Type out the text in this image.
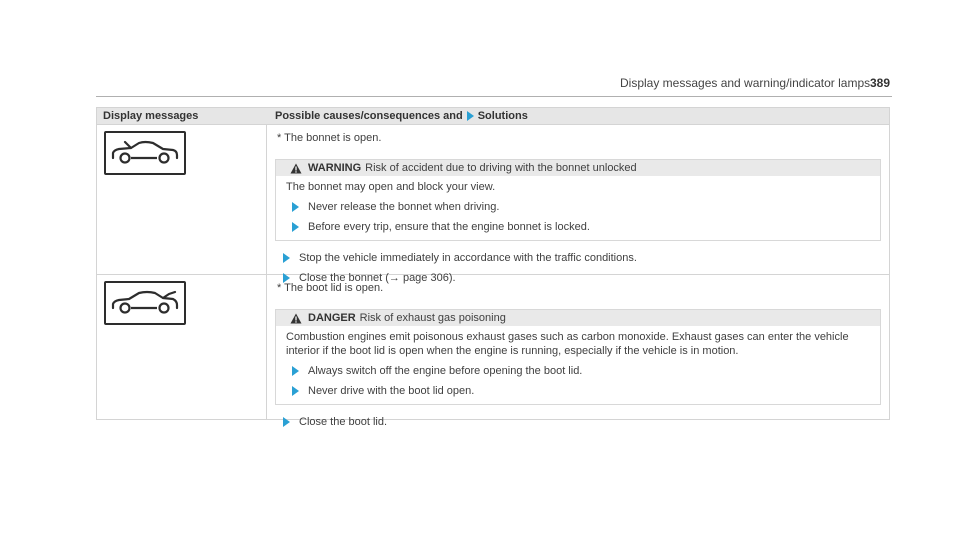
Display messages and warning/indicator lamps 389
Display messages	Possible causes/consequences and Solutions

* The bonnet is open.

WARNING Risk of accident due to driving with the bonnet unlocked

The bonnet may open and block your view.

Never release the bonnet when driving.
Before every trip, ensure that the engine bonnet is locked.
Stop the vehicle immediately in accordance with the traffic conditions.
Close the bonnet (→ page 306).

* The boot lid is open.

DANGER Risk of exhaust gas poisoning

Combustion engines emit poisonous exhaust gases such as carbon monoxide. Exhaust gases can enter the vehicle

interior if the boot lid is open when the engine is running, especially if the vehicle is in motion.

Always switch off the engine before opening the boot lid.
Never drive with the boot lid open.
Close the boot lid.
